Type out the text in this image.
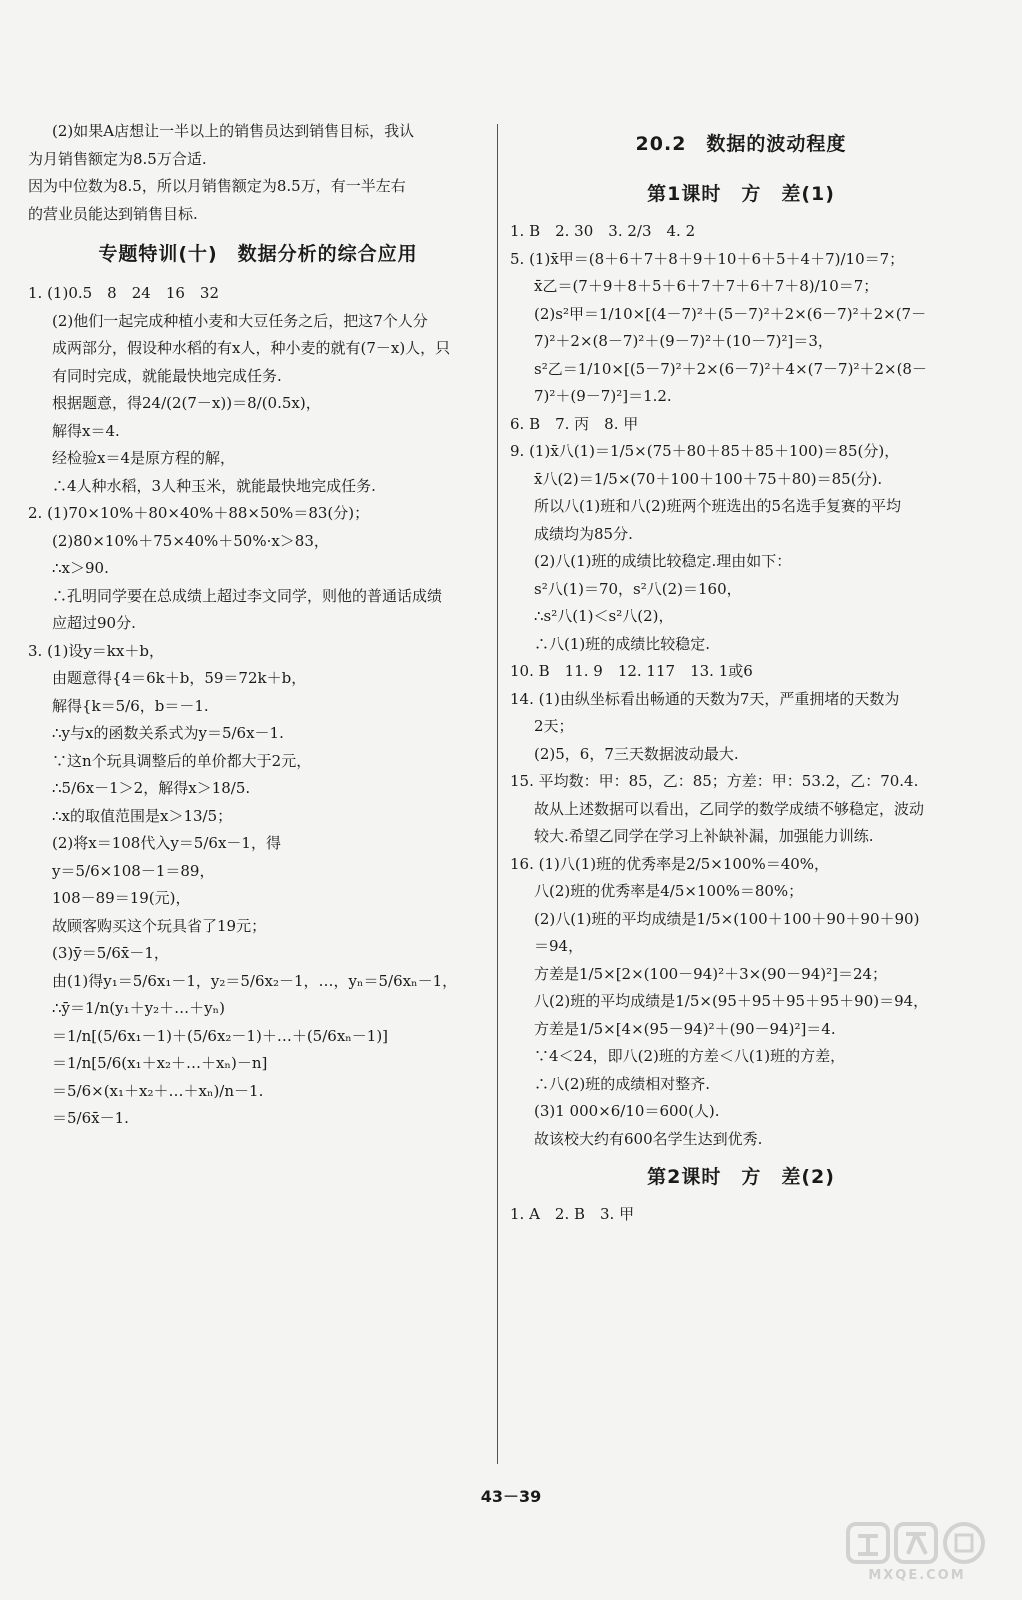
(2)如果A店想让一半以上的销售员达到销售目标，我认
为月销售额定为8.5万合适.
因为中位数为8.5，所以月销售额定为8.5万，有一半左右
的营业员能达到销售目标.
专题特训(十)　数据分析的综合应用
1. (1)0.5　8　24　16　32
(2)他们一起完成种植小麦和大豆任务之后，把这7个人分
成两部分，假设种水稻的有x人，种小麦的就有(7－x)人，只
有同时完成，就能最快地完成任务.
根据题意，得24/(2(7－x))＝8/(0.5x)，
解得x＝4.
经检验x＝4是原方程的解，
∴4人种水稻，3人种玉米，就能最快地完成任务.
2. (1)70×10%＋80×40%＋88×50%＝83(分)；
(2)80×10%＋75×40%＋50%·x＞83，
∴x＞90.
∴孔明同学要在总成绩上超过李文同学，则他的普通话成绩
应超过90分.
3. (1)设y＝kx＋b，
由题意得{4＝6k＋b，59＝72k＋b，
解得{k＝5/6，b＝－1.
∴y与x的函数关系式为y＝5/6x－1.
∵这n个玩具调整后的单价都大于2元，
∴5/6x－1＞2，解得x＞18/5.
∴x的取值范围是x＞13/5；
(2)将x＝108代入y＝5/6x－1，得
y＝5/6×108－1＝89，
108－89＝19(元)，
故顾客购买这个玩具省了19元；
(3)ȳ＝5/6x̄－1，
由(1)得y₁＝5/6x₁－1，y₂＝5/6x₂－1，…，yₙ＝5/6xₙ－1，
∴ȳ＝1/n(y₁＋y₂＋…＋yₙ)
＝1/n[(5/6x₁－1)＋(5/6x₂－1)＋…＋(5/6xₙ－1)]
＝1/n[5/6(x₁＋x₂＋…＋xₙ)－n]
＝5/6×(x₁＋x₂＋…＋xₙ)/n－1.
＝5/6x̄－1.
20.2　数据的波动程度
第1课时　方　差(1)
1. B　2. 30　3. 2/3　4. 2
5. (1)x̄甲＝(8＋6＋7＋8＋9＋10＋6＋5＋4＋7)/10＝7；
x̄乙＝(7＋9＋8＋5＋6＋7＋7＋6＋7＋8)/10＝7；
(2)s²甲＝1/10×[(4－7)²＋(5－7)²＋2×(6－7)²＋2×(7－
7)²＋2×(8－7)²＋(9－7)²＋(10－7)²]＝3，
s²乙＝1/10×[(5－7)²＋2×(6－7)²＋4×(7－7)²＋2×(8－
7)²＋(9－7)²]＝1.2.
6. B　7. 丙　8. 甲
9. (1)x̄八(1)＝1/5×(75＋80＋85＋85＋100)＝85(分)，
x̄八(2)＝1/5×(70＋100＋100＋75＋80)＝85(分).
所以八(1)班和八(2)班两个班选出的5名选手复赛的平均
成绩均为85分.
(2)八(1)班的成绩比较稳定.理由如下：
s²八(1)＝70，s²八(2)＝160，
∴s²八(1)＜s²八(2)，
∴八(1)班的成绩比较稳定.
10. B　11. 9　12. 117　13. 1或6
14. (1)由纵坐标看出畅通的天数为7天，严重拥堵的天数为
2天；
(2)5，6，7三天数据波动最大.
15. 平均数：甲：85，乙：85；方差：甲：53.2，乙：70.4.
故从上述数据可以看出，乙同学的数学成绩不够稳定，波动
较大.希望乙同学在学习上补缺补漏，加强能力训练.
16. (1)八(1)班的优秀率是2/5×100%＝40%，
八(2)班的优秀率是4/5×100%＝80%；
(2)八(1)班的平均成绩是1/5×(100＋100＋90＋90＋90)
＝94，
方差是1/5×[2×(100－94)²＋3×(90－94)²]＝24；
八(2)班的平均成绩是1/5×(95＋95＋95＋95＋90)＝94，
方差是1/5×[4×(95－94)²＋(90－94)²]＝4.
∵4＜24，即八(2)班的方差＜八(1)班的方差，
∴八(2)班的成绩相对整齐.
(3)1 000×6/10＝600(人).
故该校大约有600名学生达到优秀.
第2课时　方　差(2)
1. A　2. B　3. 甲
43－39
MXQE.COM
